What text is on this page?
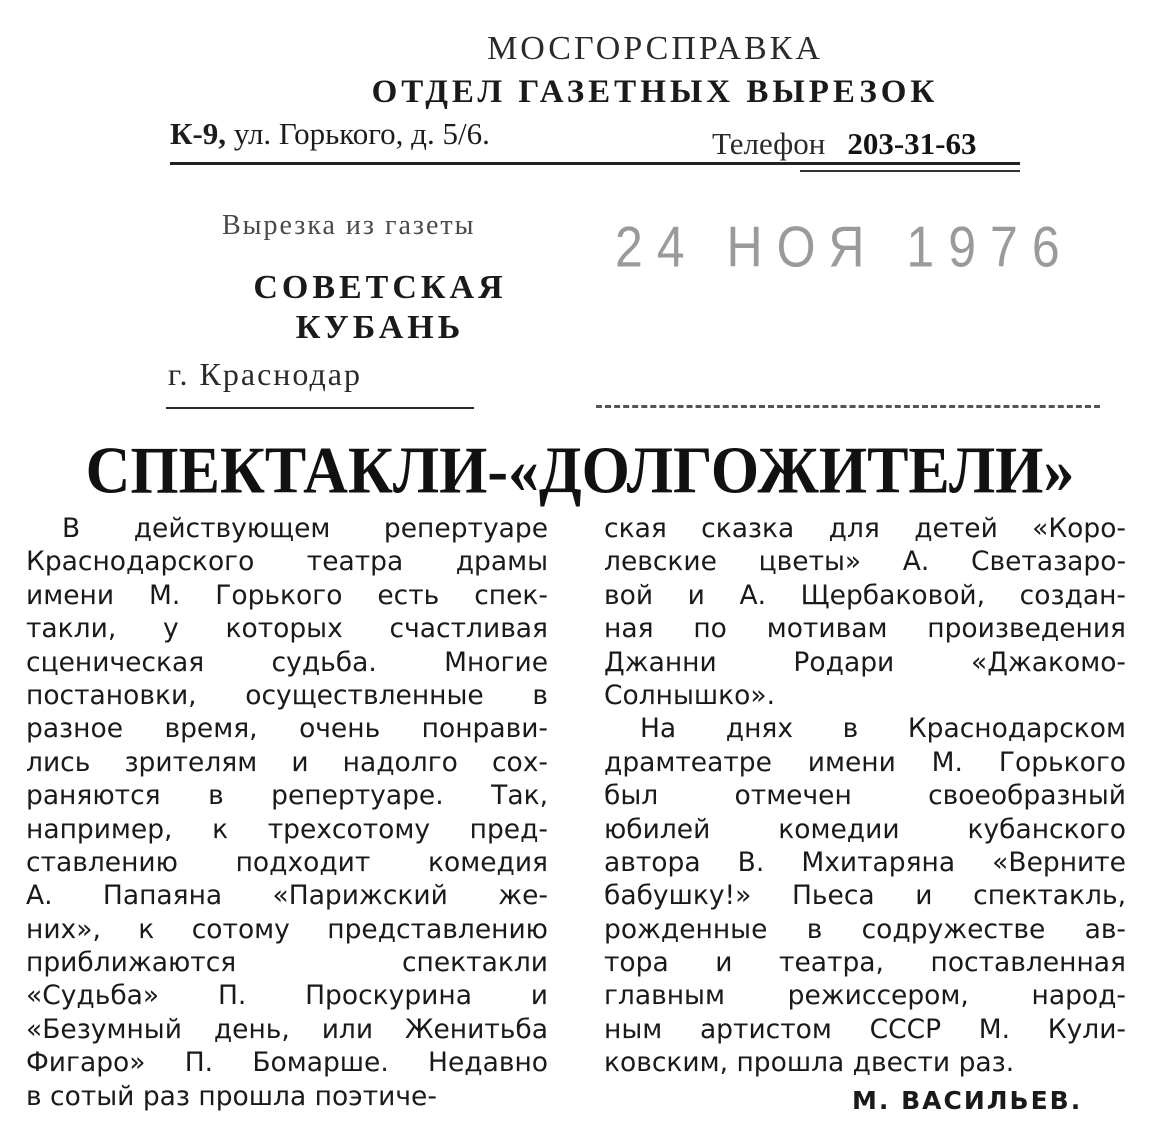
МОСГОРСПРАВКА
ОТДЕЛ ГАЗЕТНЫХ ВЫРЕЗОК
К-9, ул. Горького, д. 5/6.	Телефон 203-31-63
Вырезка из газеты	24 НОЯ 1976
СОВЕТСКАЯ
КУБАНЬ
г. Краснодар
СПЕКТАКЛИ-«ДОЛГОЖИТЕЛИ»
В действующем репертуаре
Краснодарского театра драмы
имени М. Горького есть спек-
такли, у которых счастливая
сценическая судьба. Многие
постановки, осуществленные в
разное время, очень понрави-
лись зрителям и надолго сох-
раняются в репертуаре. Так,
например, к трехсотому пред-
ставлению подходит комедия
А. Папаяна «Парижский же-
них», к сотому представлению
приближаются спектакли
«Судьба» П. Проскурина и
«Безумный день, или Женитьба
Фигаро» П. Бомарше. Недавно
в сотый раз прошла поэтиче-
ская сказка для детей «Коро-
левские цветы» А. Светазаро-
вой и А. Щербаковой, создан-
ная по мотивам произведения
Джанни Родари «Джакомо-
Солнышко».
На днях в Краснодарском
драмтеатре имени М. Горького
был отмечен своеобразный
юбилей комедии кубанского
автора В. Мхитаряна «Верните
бабушку!» Пьеса и спектакль,
рожденные в содружестве ав-
тора и театра, поставленная
главным режиссером, народ-
ным артистом СССР М. Кули-
ковским, прошла двести раз.
М. ВАСИЛЬЕВ.
